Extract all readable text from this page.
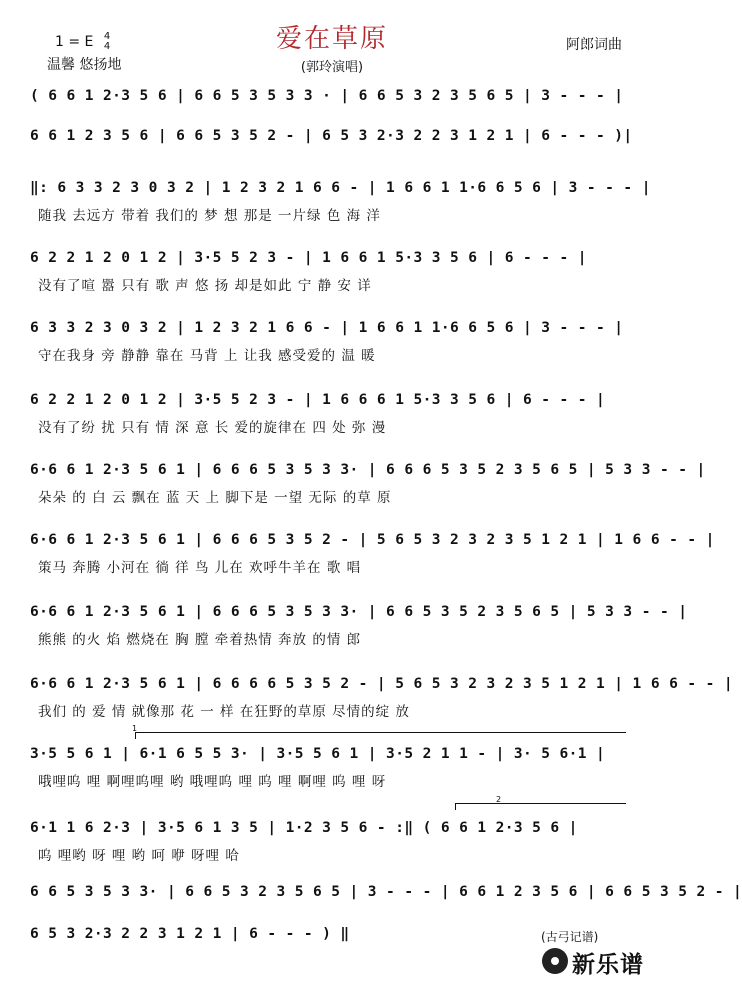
爱在草原
(郭玲演唱)
1 = E 4
4
温馨 悠扬地
阿郎词曲
( 6 6 1 2·3 5 6 | 6 6 5 3 5 3 3 · | 6 6 5 3 2 3 5 6 5 | 3 - - - |
6 6 1 2 3 5 6 | 6 6 5 3 5 2 - | 6 5 3 2·3 2 2 3 1 2 1 | 6 - - - )|
‖: 6 3 3 2 3 0 3 2 | 1 2 3 2 1 6 6 - | 1 6 6 1 1·6 6 5 6 | 3 - - - |
随我 去远方 带着 我们的 梦 想 那是 一片绿 色 海 洋
6 2 2 1 2 0 1 2 | 3·5 5 2 3 - | 1 6 6 1 5·3 3 5 6 | 6 - - - |
没有了喧 嚣 只有 歌 声 悠 扬 却是如此 宁 静 安 详
6 3 3 2 3 0 3 2 | 1 2 3 2 1 6 6 - | 1 6 6 1 1·6 6 5 6 | 3 - - - |
守在我身 旁 静静 靠在 马背 上 让我 感受爱的 温 暖
6 2 2 1 2 0 1 2 | 3·5 5 2 3 - | 1 6 6 6 1 5·3 3 5 6 | 6 - - - |
没有了纷 扰 只有 情 深 意 长 爱的旋律在 四 处 弥 漫
6·6 6 1 2·3 5 6 1 | 6 6 6 5 3 5 3 3· | 6 6 6 5 3 5 2 3 5 6 5 | 5 3 3 - - |
朵朵 的 白 云 飘在 蓝 天 上 脚下是 一望 无际 的草 原
6·6 6 1 2·3 5 6 1 | 6 6 6 5 3 5 2 - | 5 6 5 3 2 3 2 3 5 1 2 1 | 1 6 6 - - |
策马 奔腾 小河在 徜 徉 鸟 儿在 欢呼牛羊在 歌 唱
6·6 6 1 2·3 5 6 1 | 6 6 6 5 3 5 3 3· | 6 6 5 3 5 2 3 5 6 5 | 5 3 3 - - |
熊熊 的火 焰 燃烧在 胸 膛 牵着热情 奔放 的情 郎
6·6 6 1 2·3 5 6 1 | 6 6 6 6 5 3 5 2 - | 5 6 5 3 2 3 2 3 5 1 2 1 | 1 6 6 - - |
我们 的 爱 情 就像那 花 一 样 在狂野的草原 尽情的绽 放
3·5 5 6 1 | 6·1 6 5 5 3· | 3·5 5 6 1 | 3·5 2 1 1 - | 3· 5 6·1 |
哦哩呜 哩 啊哩呜哩 哟 哦哩呜 哩 呜 哩 啊哩 呜 哩 呀
6·1 1 6 2·3 | 3·5 6 1 3 5 | 1·2 3 5 6 - :‖ ( 6 6 1 2·3 5 6 |
呜 哩哟 呀 哩 哟 呵 咿 呀哩 哈
6 6 5 3 5 3 3· | 6 6 5 3 2 3 5 6 5 | 3 - - - | 6 6 1 2 3 5 6 | 6 6 5 3 5 2 - |
6 5 3 2·3 2 2 3 1 2 1 | 6 - - - ) ‖
1
2
(古弓记谱)
新乐谱
